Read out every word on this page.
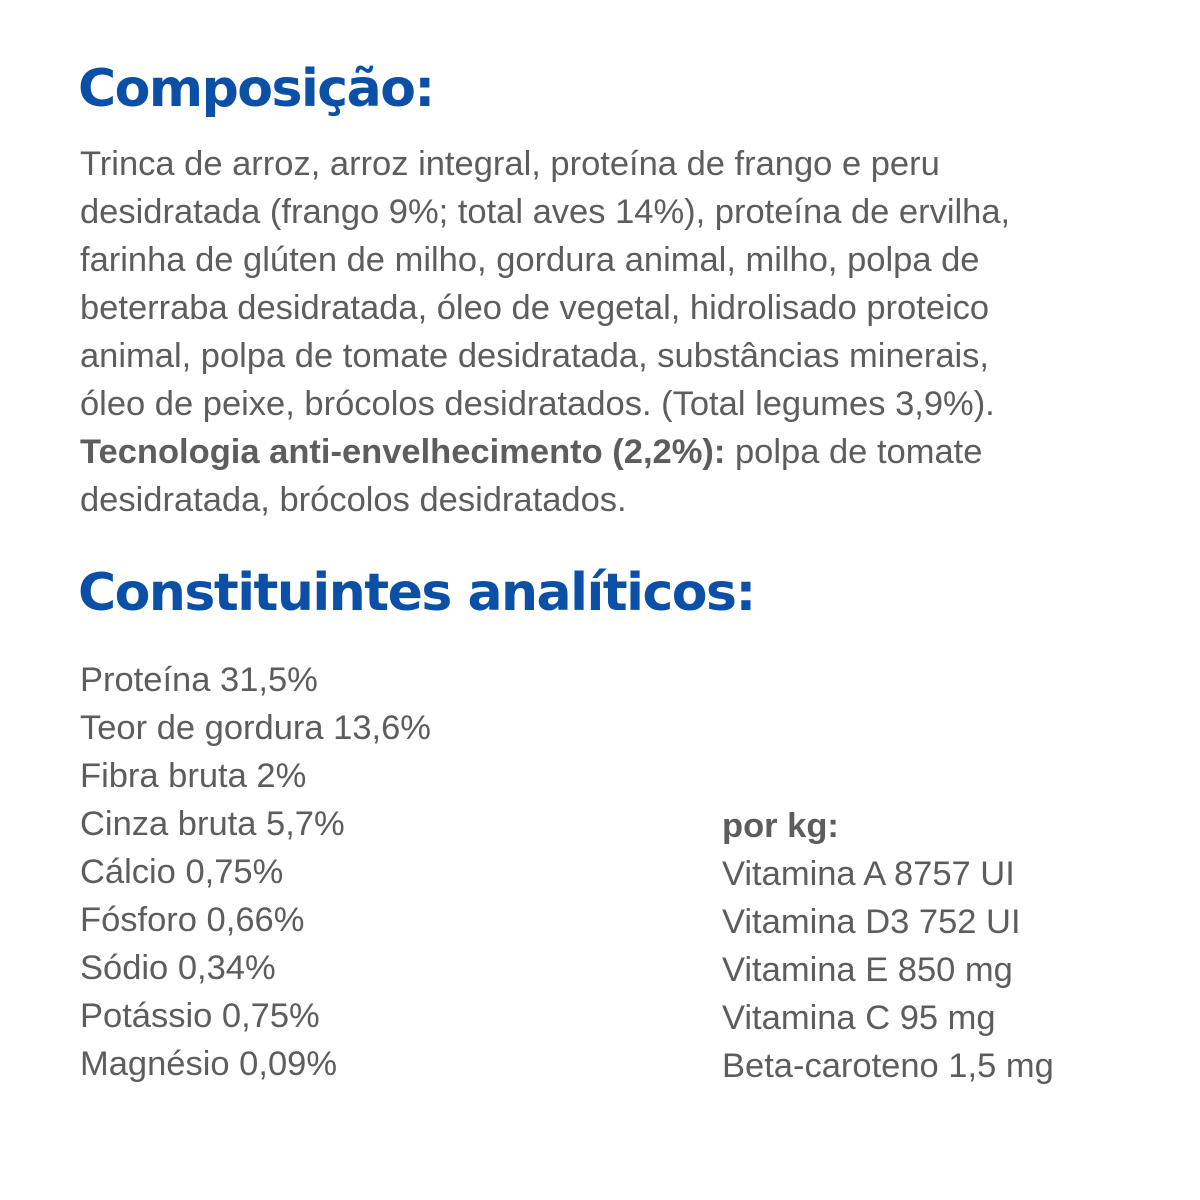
Composição:

Trinca de arroz, arroz integral, proteína de frango e peru
desidratada (frango 9%; total aves 14%), proteína de ervilha,
farinha de glúten de milho, gordura animal, milho, polpa de
beterraba desidratada, óleo de vegetal, hidrolisado proteico
animal, polpa de tomate desidratada, substâncias minerais,
óleo de peixe, brócolos desidratados. (Total legumes 3,9%).
Tecnologia anti-envelhecimento (2,2%): polpa de tomate
desidratada, brócolos desidratados.

Constituintes analíticos:
Proteína 31,5%
Teor de gordura 13,6%
Fibra bruta 2%
Cinza bruta 5,7%
Cálcio 0,75%
Fósforo 0,66%
Sódio 0,34%
Potássio 0,75%
Magnésio 0,09%
por kg:
Vitamina A 8757 UI
Vitamina D3 752 UI
Vitamina E 850 mg
Vitamina C 95 mg
Beta-caroteno 1,5 mg
